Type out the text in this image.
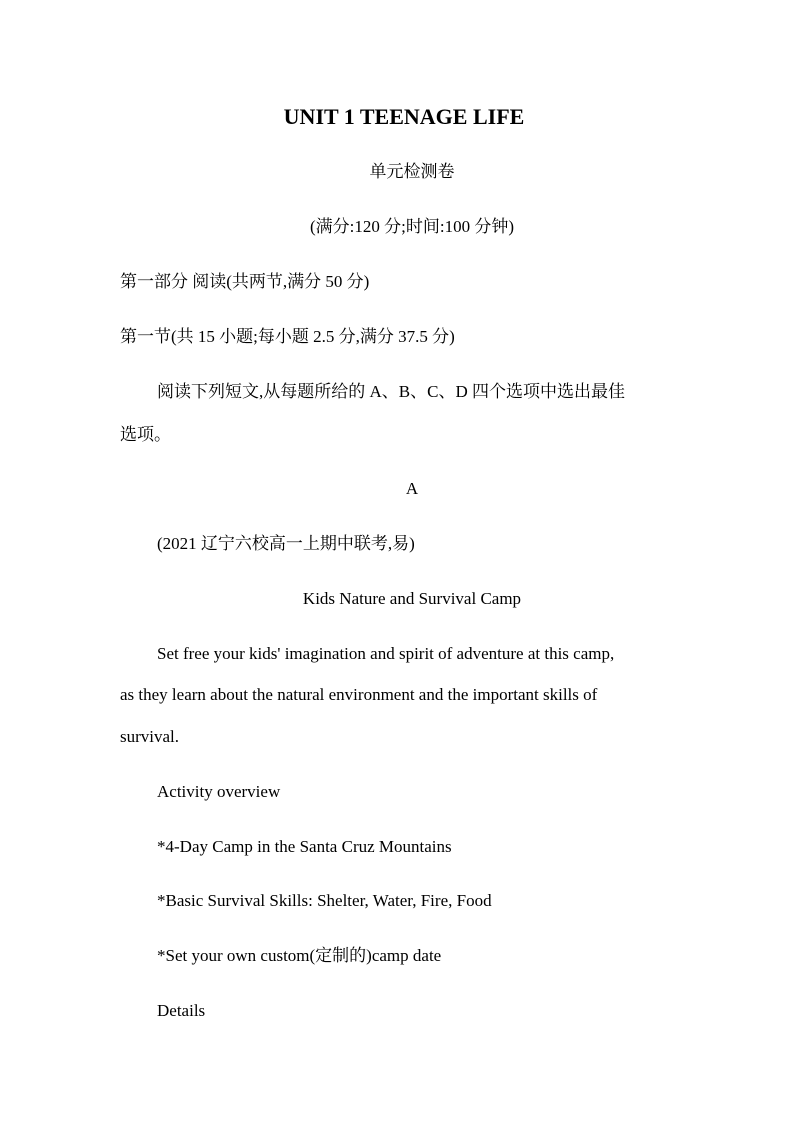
UNIT 1 TEENAGE LIFE
单元检测卷
(满分:120 分;时间:100 分钟)
第一部分 阅读(共两节,满分 50 分)
第一节(共 15 小题;每小题 2.5 分,满分 37.5 分)
阅读下列短文,从每题所给的 A、B、C、D 四个选项中选出最佳
选项。
A
(2021 辽宁六校高一上期中联考,易)
Kids Nature and Survival Camp
Set free your kids' imagination and spirit of adventure at this camp,
as they learn about the natural environment and the important skills of
survival.
Activity overview
*4-Day Camp in the Santa Cruz Mountains
*Basic Survival Skills: Shelter, Water, Fire, Food
*Set your own custom(定制的)camp date
Details
